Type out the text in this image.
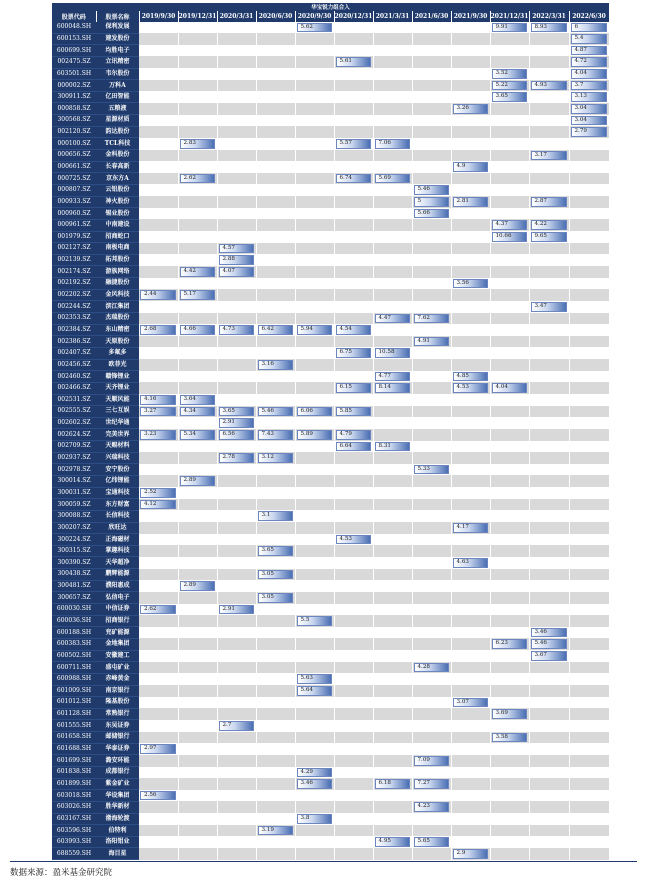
华宝锐力组合入													
股票代码	股票名称	2019/9/30	2019/12/31	2020/3/31	2020/6/30	2020/9/30	2020/12/31	2021/3/31	2021/6/30	2021/9/30	2021/12/31	2022/3/31	2022/6/30
600048.SH	保利发展					5.62					9.91	8.93	6

600153.SH	建发股份												5.4

600699.SH	均胜电子												4.87

002475.SZ	立讯精密						5.61						4.72

603501.SH	韦尔股份										3.52		4.04

000002.SZ	万科A										5.22	4.93	3.7

300911.SZ	亿田智能										3.65		3.13

000858.SZ	五粮液									3.26			3.04

300568.SZ	星源材质												3.04

002120.SZ	韵达股份												2.79

000100.SZ	TCL科技		2.83				5.57	7.06					

000656.SZ	金科股份											3.17	

000661.SZ	长春高新									4.9			

000725.SZ	京东方A		2.62				6.74	5.69					

000807.SZ	云铝股份								5.46				

000933.SZ	神火股份								5	2.81		2.87	

000960.SZ	锡业股份								5.66				

000961.SZ	中南建设										4.37	4.22	

001979.SZ	招商蛇口										10.66	9.65	

002127.SZ	南极电商			4.57									

002139.SZ	拓邦股份			2.88									

002174.SZ	游族网络		4.42	4.07									

002192.SZ	融捷股份									3.56			

002202.SZ	金风科技	2.44	5.17										

002244.SZ	滨江集团											3.47	

002353.SZ	杰瑞股份							4.47	7.62				

002384.SZ	东山精密	2.68	4.66	4.73	6.42	5.94	4.54						

002386.SZ	天原股份								4.91				

002407.SZ	多氟多						6.75	10.58					

002456.SZ	欧菲光				3.16								

002460.SZ	赣锋锂业							4.77		4.85			

002466.SZ	天齐锂业						6.15	8.14		4.53	4.04		

002531.SZ	天顺风能	4.16	3.64										

002555.SZ	三七互娱	3.27	4.34	3.65	5.46	6.06	5.85						

002602.SZ	世纪华通			2.91									

002624.SZ	完美世界	3.23	5.34	6.56	7.43	5.89	4.79						

002709.SZ	天赐材料						6.64	8.31					

002937.SZ	兴瑞科技			2.78	3.12								

002978.SZ	安宁股份								5.33				

300014.SZ	亿纬锂能		2.89										

300031.SZ	宝通科技	2.52											

300059.SZ	东方财富	4.12											

300088.SZ	长信科技				3.1								

300207.SZ	欣旺达									4.17			

300224.SZ	正海磁材						4.53						

300315.SZ	掌趣科技				3.65								

300390.SZ	天华超净									4.63			

300438.SZ	鹏辉能源				3.05								

300481.SZ	濮阳惠成		2.89										

300657.SZ	弘信电子				3.05								

600030.SH	中信证券	2.62		2.91									

600036.SH	招商银行					5.5							

600188.SH	兖矿能源											3.46	

600383.SH	金地集团										6.23	5.46	

600502.SH	安徽建工											3.67	

600711.SH	盛屯矿业								4.28				

600988.SH	赤峰黄金					5.63							

601009.SH	南京银行					5.64							

601012.SH	隆基股份									3.07			

601128.SH	常熟银行										3.69		

601555.SH	东吴证券			2.7									

601658.SH	邮储银行										3.58		

601688.SH	华泰证券	2.97											

601699.SH	潞安环能								7.09				

601838.SH	成都银行					4.29							

601899.SH	紫金矿业					3.46		6.18	7.27				

603018.SH	华设集团	2.56											

603026.SH	胜华新材								4.23				

603167.SH	渤海轮渡					3.8							

603596.SH	伯特利				3.19								

603993.SH	洛阳钼业							4.95	5.65				

688559.SH	海目星									2.9			

数据来源：盈米基金研究院
